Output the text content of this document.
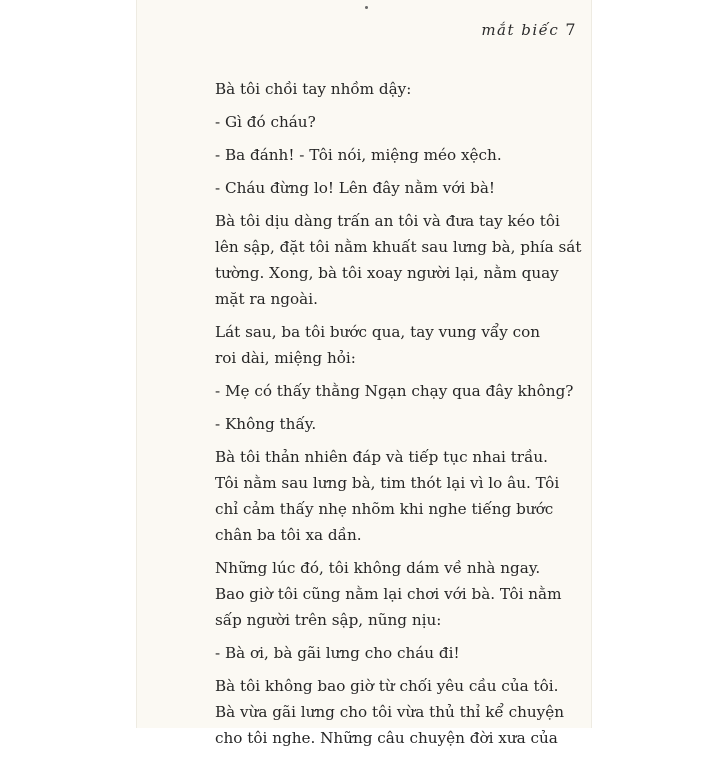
mắt biếc 7

Bà tôi chồi tay nhồm dậy:

- Gì đó cháu?

- Ba đánh! - Tôi nói, miệng méo xệch.

- Cháu đừng lo! Lên đây nằm với bà!

Bà tôi dịu dàng trấn an tôi và đưa tay kéo tôi
lên sập, đặt tôi nằm khuất sau lưng bà, phía sát
tường. Xong, bà tôi xoay người lại, nằm quay
mặt ra ngoài.

Lát sau, ba tôi bước qua, tay vung vẩy con
roi dài, miệng hỏi:

- Mẹ có thấy thằng Ngạn chạy qua đây không?

- Không thấy.

Bà tôi thản nhiên đáp và tiếp tục nhai trầu.
Tôi nằm sau lưng bà, tim thót lại vì lo âu. Tôi
chỉ cảm thấy nhẹ nhõm khi nghe tiếng bước
chân ba tôi xa dần.

Những lúc đó, tôi không dám về nhà ngay.
Bao giờ tôi cũng nằm lại chơi với bà. Tôi nằm
sấp người trên sập, nũng nịu:

- Bà ơi, bà gãi lưng cho cháu đi!

Bà tôi không bao giờ từ chối yêu cầu của tôi.
Bà vừa gãi lưng cho tôi vừa thủ thỉ kể chuyện
cho tôi nghe. Những câu chuyện đời xưa của
